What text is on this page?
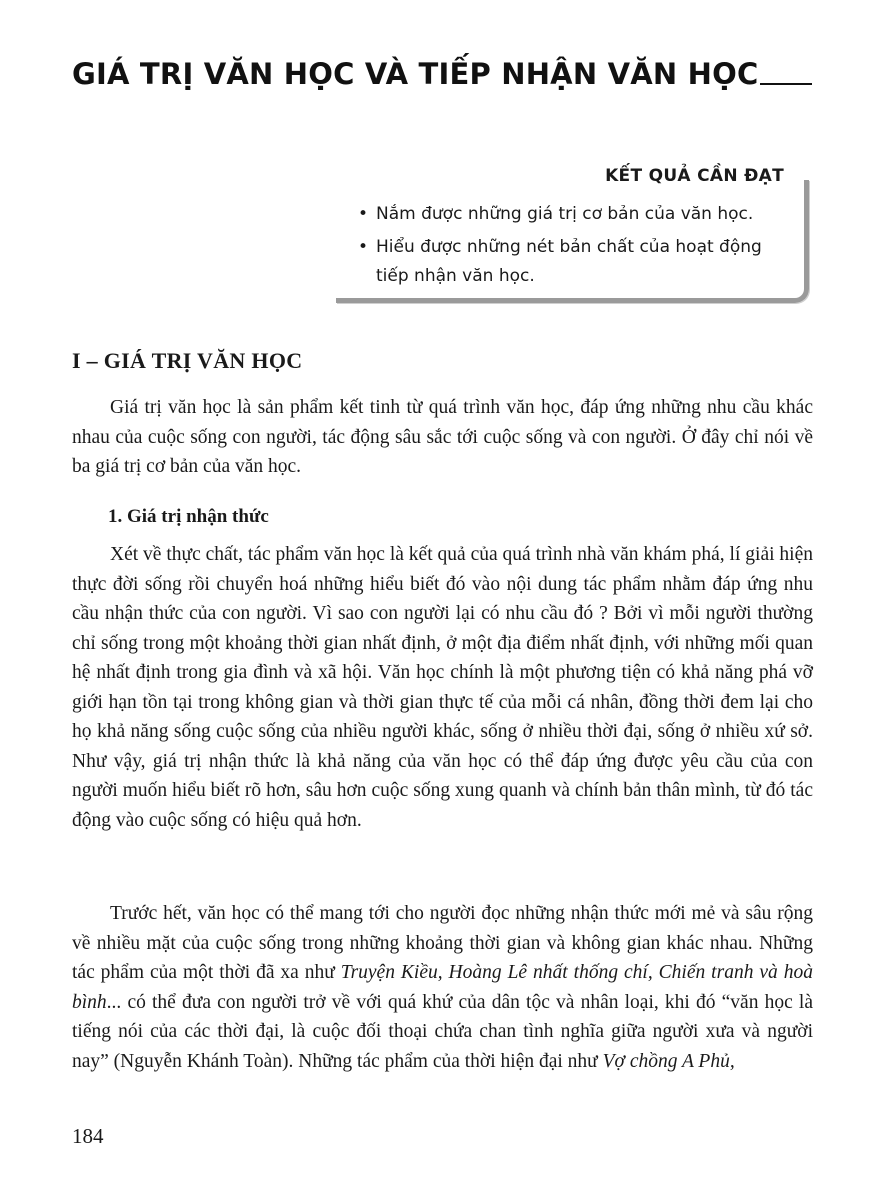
GIÁ TRỊ VĂN HỌC VÀ TIẾP NHẬN VĂN HỌC
KẾT QUẢ CẦN ĐẠT
• Nắm được những giá trị cơ bản của văn học.
• Hiểu được những nét bản chất của hoạt động tiếp nhận văn học.
I – GIÁ TRỊ VĂN HỌC

Giá trị văn học là sản phẩm kết tinh từ quá trình văn học, đáp ứng những nhu cầu khác nhau của cuộc sống con người, tác động sâu sắc tới cuộc sống và con người. Ở đây chỉ nói về ba giá trị cơ bản của văn học.

1. Giá trị nhận thức

Xét về thực chất, tác phẩm văn học là kết quả của quá trình nhà văn khám phá, lí giải hiện thực đời sống rồi chuyển hoá những hiểu biết đó vào nội dung tác phẩm nhằm đáp ứng nhu cầu nhận thức của con người. Vì sao con người lại có nhu cầu đó ? Bởi vì mỗi người thường chỉ sống trong một khoảng thời gian nhất định, ở một địa điểm nhất định, với những mối quan hệ nhất định trong gia đình và xã hội. Văn học chính là một phương tiện có khả năng phá vỡ giới hạn tồn tại trong không gian và thời gian thực tế của mỗi cá nhân, đồng thời đem lại cho họ khả năng sống cuộc sống của nhiều người khác, sống ở nhiều thời đại, sống ở nhiều xứ sở. Như vậy, giá trị nhận thức là khả năng của văn học có thể đáp ứng được yêu cầu của con người muốn hiểu biết rõ hơn, sâu hơn cuộc sống xung quanh và chính bản thân mình, từ đó tác động vào cuộc sống có hiệu quả hơn.

Trước hết, văn học có thể mang tới cho người đọc những nhận thức mới mẻ và sâu rộng về nhiều mặt của cuộc sống trong những khoảng thời gian và không gian khác nhau. Những tác phẩm của một thời đã xa như Truyện Kiều, Hoàng Lê nhất thống chí, Chiến tranh và hoà bình... có thể đưa con người trở về với quá khứ của dân tộc và nhân loại, khi đó “văn học là tiếng nói của các thời đại, là cuộc đối thoại chứa chan tình nghĩa giữa người xưa và người nay” (Nguyễn Khánh Toàn). Những tác phẩm của thời hiện đại như Vợ chồng A Phủ,

184
